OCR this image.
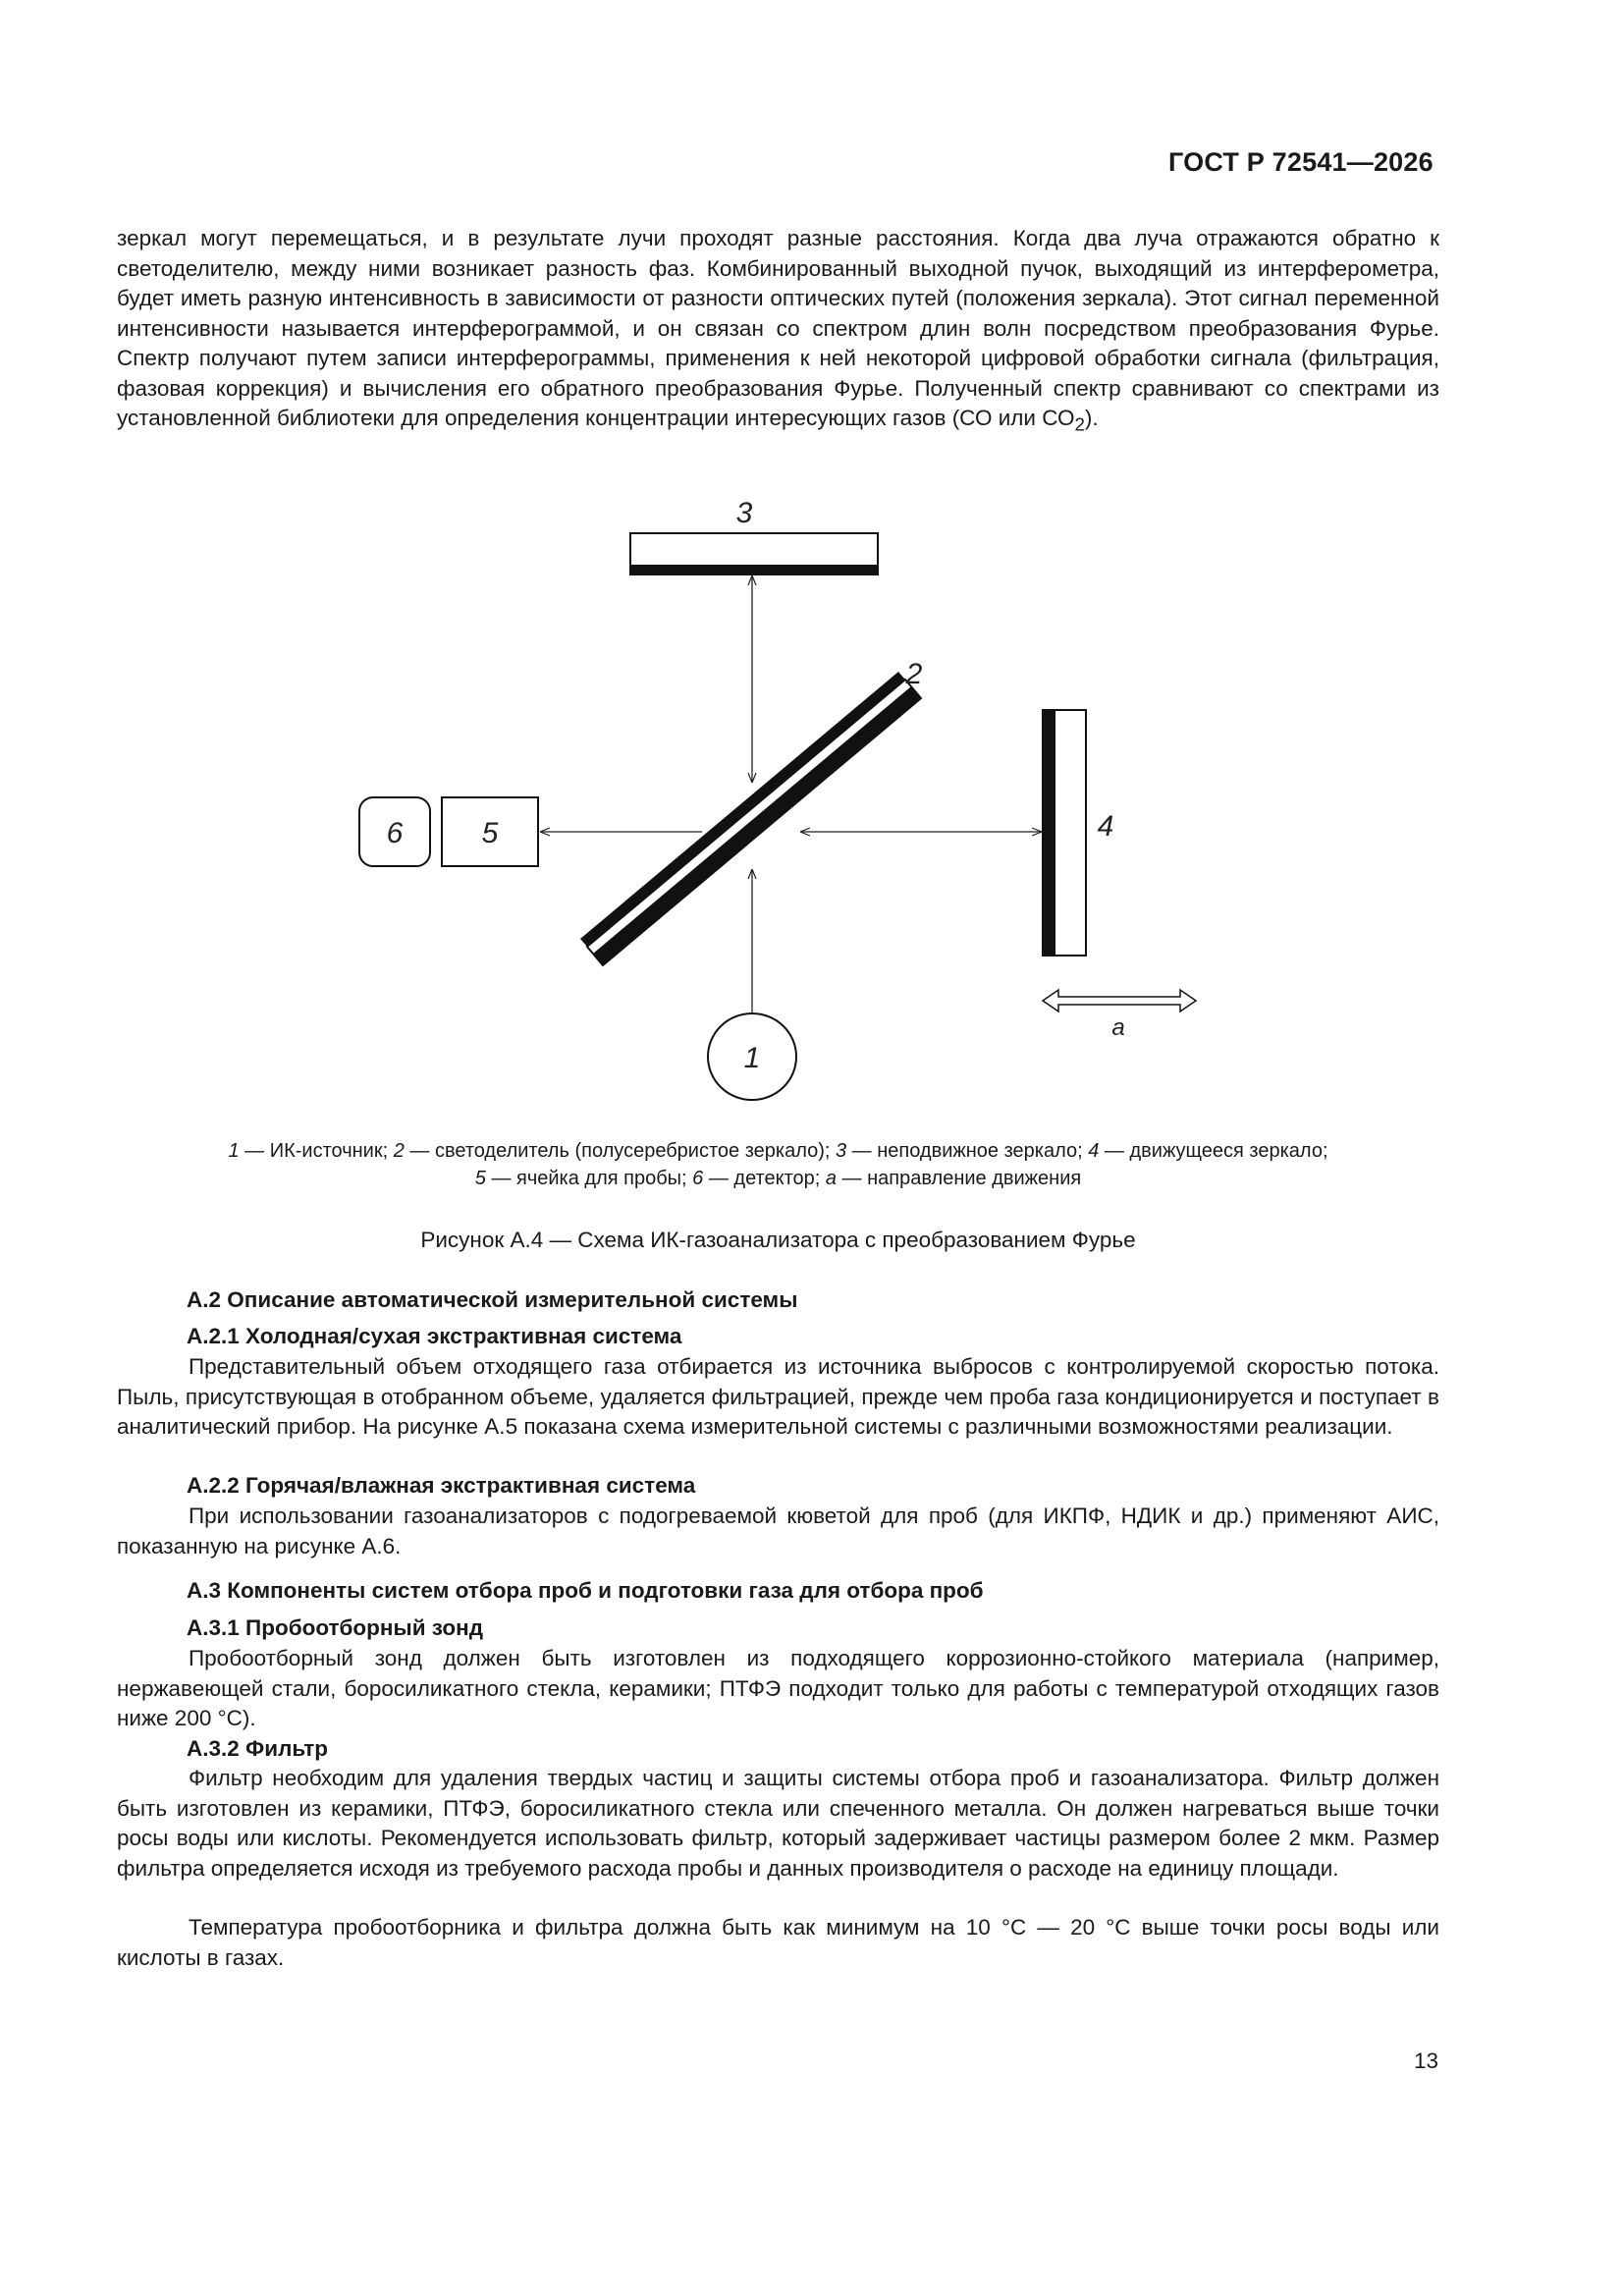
ГОСТ Р 72541—2026

зеркал могут перемещаться, и в результате лучи проходят разные расстояния. Когда два луча отражаются обратно к светоделителю, между ними возникает разность фаз. Комбинированный выходной пучок, выходящий из интерферометра, будет иметь разную интенсивность в зависимости от разности оптических путей (положения зеркала). Этот сигнал переменной интенсивности называется интерферограммой, и он связан со спектром длин волн посредством преобразования Фурье. Спектр получают путем записи интерферограммы, применения к ней некоторой цифровой обработки сигнала (фильтрация, фазовая коррекция) и вычисления его обратного преобразования Фурье. Полученный спектр сравнивают со спектрами из установленной библиотеки для определения концентрации интересующих газов (СО или $СО_2$).

3
2
4
6	5
1
а
1 — ИК-источник; 2 — светоделитель (полусеребристое зеркало); 3 — неподвижное зеркало; 4 — движущееся зеркало;
5 — ячейка для пробы; 6 — детектор; а — направление движения
Рисунок А.4 — Схема ИК-газоанализатора с преобразованием Фурье
А.2 Описание автоматической измерительной системы
А.2.1 Холодная/сухая экстрактивная система

Представительный объем отходящего газа отбирается из источника выбросов с контролируемой скоростью потока. Пыль, присутствующая в отобранном объеме, удаляется фильтрацией, прежде чем проба газа кондиционируется и поступает в аналитический прибор. На рисунке А.5 показана схема измерительной системы с различными возможностями реализации.

А.2.2 Горячая/влажная экстрактивная система

При использовании газоанализаторов с подогреваемой кюветой для проб (для ИКПФ, НДИК и др.) применяют АИС, показанную на рисунке А.6.

А.3 Компоненты систем отбора проб и подготовки газа для отбора проб
А.3.1 Пробоотборный зонд

Пробоотборный зонд должен быть изготовлен из подходящего коррозионно-стойкого материала (например, нержавеющей стали, боросиликатного стекла, керамики; ПТФЭ подходит только для работы с температурой отходящих газов ниже 200 °С).

А.3.2 Фильтр

Фильтр необходим для удаления твердых частиц и защиты системы отбора проб и газоанализатора. Фильтр должен быть изготовлен из керамики, ПТФЭ, боросиликатного стекла или спеченного металла. Он должен нагреваться выше точки росы воды или кислоты. Рекомендуется использовать фильтр, который задерживает частицы размером более 2 мкм. Размер фильтра определяется исходя из требуемого расхода пробы и данных производителя о расходе на единицу площади.

Температура пробоотборника и фильтра должна быть как минимум на 10 °С — 20 °С выше точки росы воды или кислоты в газах.

13
